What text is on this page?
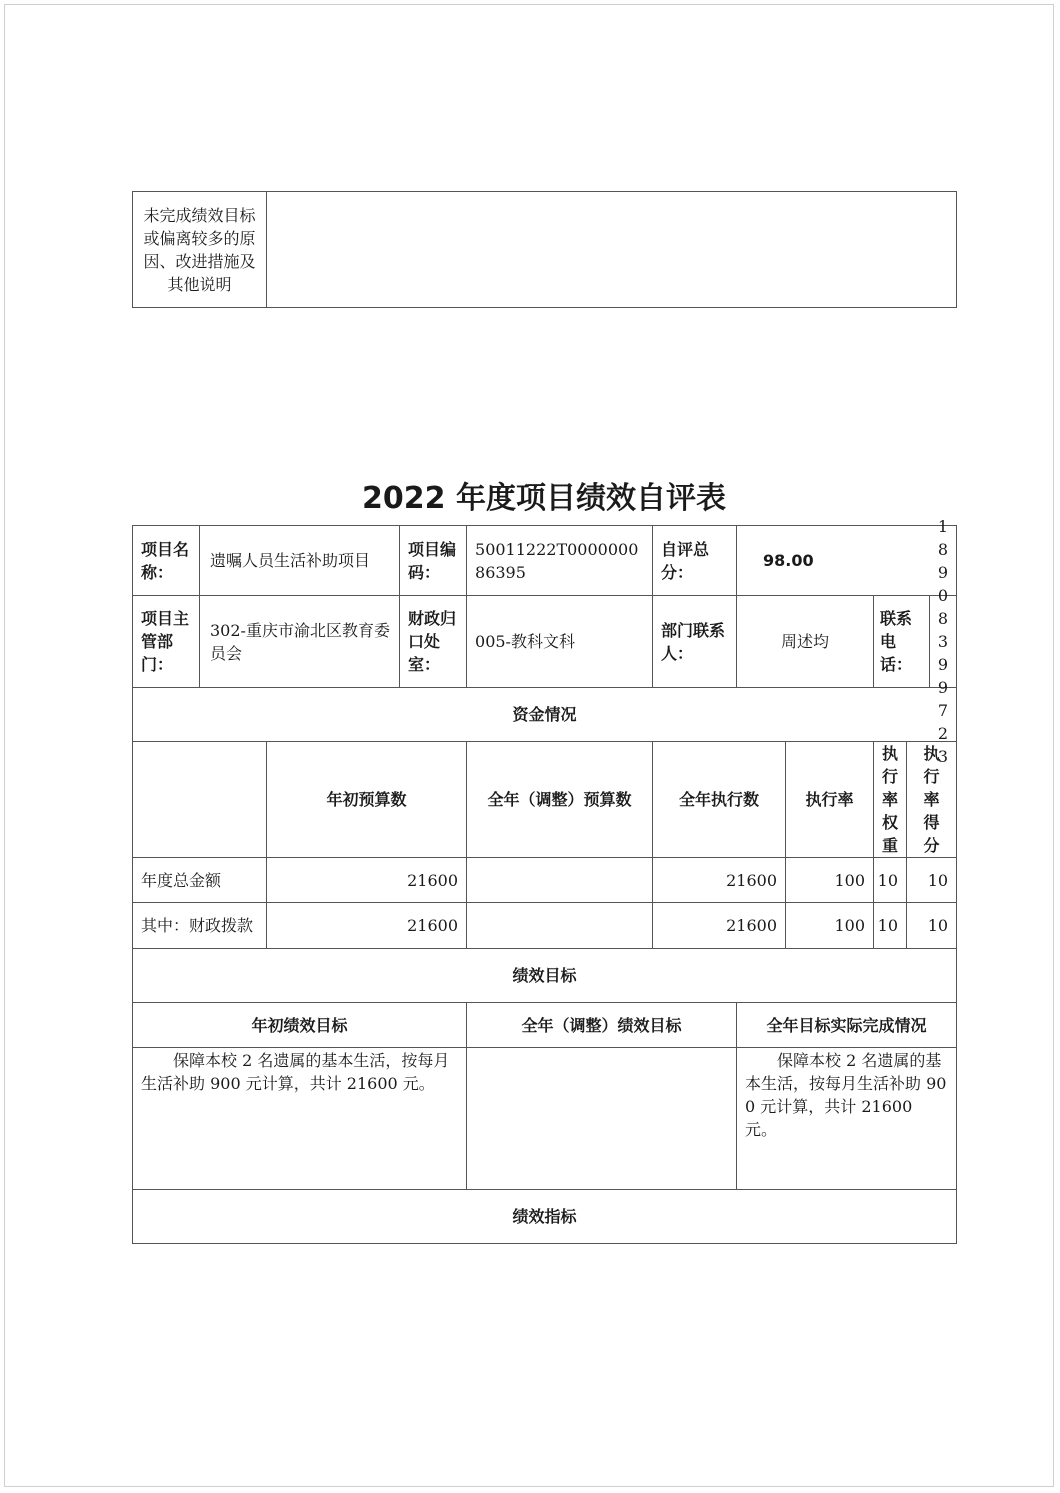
未完成绩效目标或偏离较多的原因、改进措施及其他说明	
2022 年度项目绩效自评表
项目名称：	遗嘱人员生活补助项目		项目编码：	50011222T000000086395	自评总分：	98.00			
项目主管部门：	302-重庆市渝北区教育委员会		财政归口处室：	005-教科文科	部门联系人：	周述均		联系电话：
18908399723	

资金情况									
		年初预算数		全年（调整）预算数	全年执行数		执行率	执行率权重	执行率得分
年度总金额		21600			21600		100	10	10
其中：财政拨款		21600			21600		100	10	10
绩效目标									
年初绩效目标				全年（调整）绩效目标		全年目标实际完成情况			
保障本校 2 名遗属的基本生活，按每月生活补助 900 元计算，共计 21600 元。						保障本校 2 名遗属的基本生活，按每月生活补助 900 元计算，共计 21600 元。			
绩效指标									
